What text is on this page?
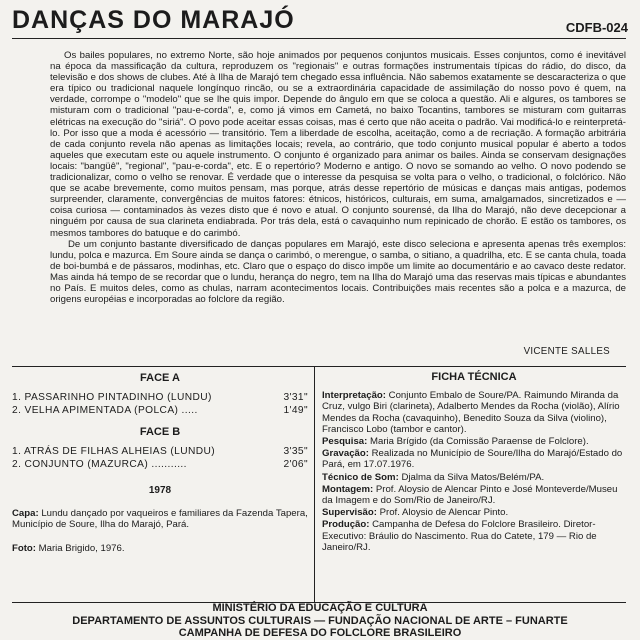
DANÇAS DO MARAJÓ	CDFB-024

Os bailes populares, no extremo Norte, são hoje animados por pequenos conjuntos musicais. Esses conjuntos, como é inevitável na época da massificação da cultura, reproduzem os "regionais" e outras formações instrumentais típicas do rádio, do disco, da televisão e dos shows de clubes. Até à Ilha de Marajó tem chegado essa influência. Não sabemos exatamente se descaracteriza o que era típico ou tradicional naquele longínquo rincão, ou se a extraordinária capacidade de assimilação do nosso povo é quem, na verdade, corrompe o "modelo" que se lhe quis impor. Depende do ângulo em que se coloca a questão. Ali e algures, os tambores se misturam com o tradicional "pau-e-corda", e, como já vimos em Cametá, no baixo Tocantins, tambores se misturam com guitarras elétricas na execução do "siriá". O povo pode aceitar essas coisas, mas é certo que não aceita o padrão. Vai modificá-lo e reinterpretá-lo. Por isso que a moda é acessório — transitório. Tem a liberdade de escolha, aceitação, como a de recriação. A formação arbitrária de cada conjunto revela não apenas as limitações locais; revela, ao contrário, que todo conjunto musical popular é aberto a todos aqueles que executam este ou aquele instrumento. O conjunto é organizado para animar os bailes. Ainda se conservam designações locais: "bangüê", "regional", "pau-e-corda", etc. E o repertório? Moderno e antigo. O novo se somando ao velho. O novo podendo se tradicionalizar, como o velho se renovar. É verdade que o interesse da pesquisa se volta para o velho, o tradicional, o folclórico. Não que se acabe brevemente, como muitos pensam, mas porque, atrás desse repertório de músicas e danças mais antigas, podemos surpreender, claramente, convergências de muitos fatores: étnicos, históricos, culturais, em suma, amalgamados, sincretizados e — coisa curiosa — contaminados às vezes disto que é novo e atual. O conjunto sourensé, da Ilha do Marajó, não deve decepcionar a ninguém por causa de sua clarineta endiabrada. Por trás dela, está o cavaquinho num repinicado de chorão. E estão os tambores, os mesmos tambores do batuque e do carimbó.

De um conjunto bastante diversificado de danças populares em Marajó, este disco seleciona e apresenta apenas três exemplos: lundu, polca e mazurca. Em Soure ainda se dança o carimbó, o merengue, o samba, o sitiano, a quadrilha, etc. E se canta chula, toada de boi-bumbá e de pássaros, modinhas, etc. Claro que o espaço do disco impõe um limite ao documentário e ao cavaco deste redator. Mas ainda há tempo de se recordar que o lundu, herança do negro, tem na Ilha do Marajó uma das reservas mais típicas e abundantes no País. E muitos deles, como as chulas, narram acontecimentos locais. Contribuições mais recentes são a polca e a mazurca, de origens européias e incorporadas ao folclore da região.

VICENTE SALLES
FACE A
1. PASSARINHO PINTADINHO (LUNDU)	3'31"
2. VELHA APIMENTADA (POLCA) .....	1'49"
FACE B
1. ATRÁS DE FILHAS ALHEIAS (LUNDU)	3'35"
2. CONJUNTO (MAZURCA) ...........	2'06"
1978
Capa: Lundu dançado por vaqueiros e familiares da Fazenda Tapera, Município de Soure, Ilha do Marajó, Pará.
Foto: Maria Brigido, 1976.
FICHA TÉCNICA
Interpretação: Conjunto Embalo de Soure/PA. Raimundo Miranda da Cruz, vulgo Biri (clarineta), Adalberto Mendes da Rocha (violão), Alírio Mendes da Rocha (cavaquinho), Benedito Souza da Silva (violino), Francisco Lobo (tambor e cantor).
Pesquisa: Maria Brígido (da Comissão Paraense de Folclore).
Gravação: Realizada no Município de Soure/Ilha do Marajó/Estado do Pará, em 17.07.1976.
Técnico de Som: Djalma da Silva Matos/Belém/PA.
Montagem: Prof. Aloysio de Alencar Pinto e José Monteverde/Museu da Imagem e do Som/Rio de Janeiro/RJ.
Supervisão: Prof. Aloysio de Alencar Pinto.
Produção: Campanha de Defesa do Folclore Brasileiro. Diretor-Executivo: Bráulio do Nascimento. Rua do Catete, 179 — Rio de Janeiro/RJ.
MINISTÉRIO DA EDUCAÇÃO E CULTURA
DEPARTAMENTO DE ASSUNTOS CULTURAIS — FUNDAÇÃO NACIONAL DE ARTE – FUNARTE
CAMPANHA DE DEFESA DO FOLCLORE BRASILEIRO
